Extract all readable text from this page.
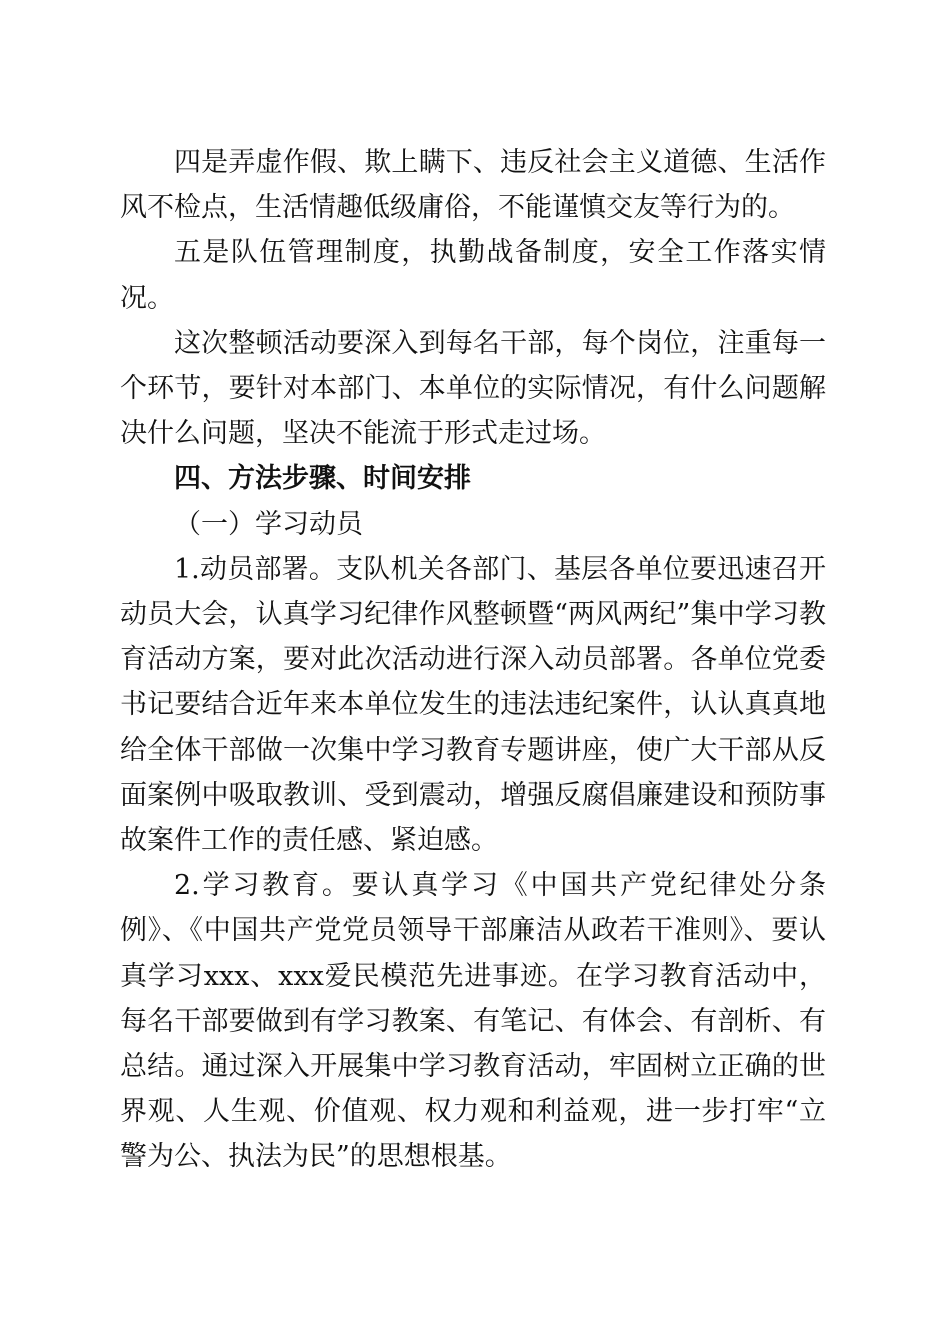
四是弄虚作假、欺上瞒下、违反社会主义道德、生活作风不检点，生活情趣低级庸俗，不能谨慎交友等行为的。

五是队伍管理制度，执勤战备制度，安全工作落实情况。

这次整顿活动要深入到每名干部，每个岗位，注重每一个环节，要针对本部门、本单位的实际情况，有什么问题解决什么问题，坚决不能流于形式走过场。

四、方法步骤、时间安排

（一）学习动员

1.动员部署。支队机关各部门、基层各单位要迅速召开动员大会，认真学习纪律作风整顿暨“两风两纪”集中学习教育活动方案，要对此次活动进行深入动员部署。各单位党委书记要结合近年来本单位发生的违法违纪案件，认认真真地给全体干部做一次集中学习教育专题讲座，使广大干部从反面案例中吸取教训、受到震动，增强反腐倡廉建设和预防事故案件工作的责任感、紧迫感。

2.学习教育。要认真学习《中国共产党纪律处分条例》、《中国共产党党员领导干部廉洁从政若干准则》、要认真学习xxx、xxx爱民模范先进事迹。在学习教育活动中，每名干部要做到有学习教案、有笔记、有体会、有剖析、有总结。通过深入开展集中学习教育活动，牢固树立正确的世界观、人生观、价值观、权力观和利益观，进一步打牢“立警为公、执法为民”的思想根基。
